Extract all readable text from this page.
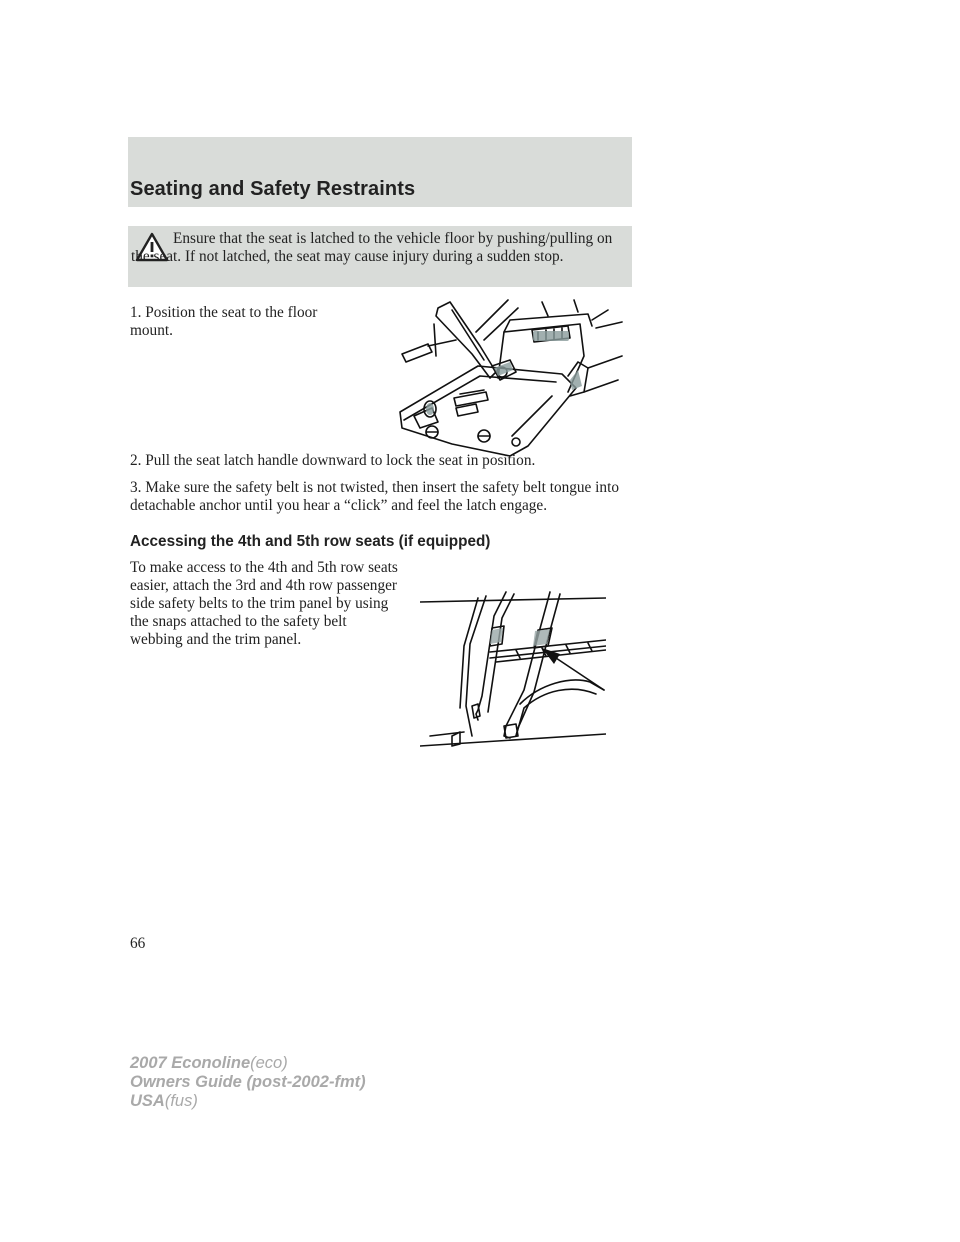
Seating and Safety Restraints
Ensure that the seat is latched to the vehicle floor by pushing/pulling on the seat. If not latched, the seat may cause injury during a sudden stop.
1. Position the seat to the floor mount.
2. Pull the seat latch handle downward to lock the seat in position.
3. Make sure the safety belt is not twisted, then insert the safety belt tongue into detachable anchor until you hear a “click” and feel the latch engage.
Accessing the 4th and 5th row seats (if equipped)
To make access to the 4th and 5th row seats easier, attach the 3rd and 4th row passenger side safety belts to the trim panel by using the snaps attached to the safety belt webbing and the trim panel.
66
2007 Econoline(eco)
Owners Guide (post-2002-fmt)
USA(fus)
